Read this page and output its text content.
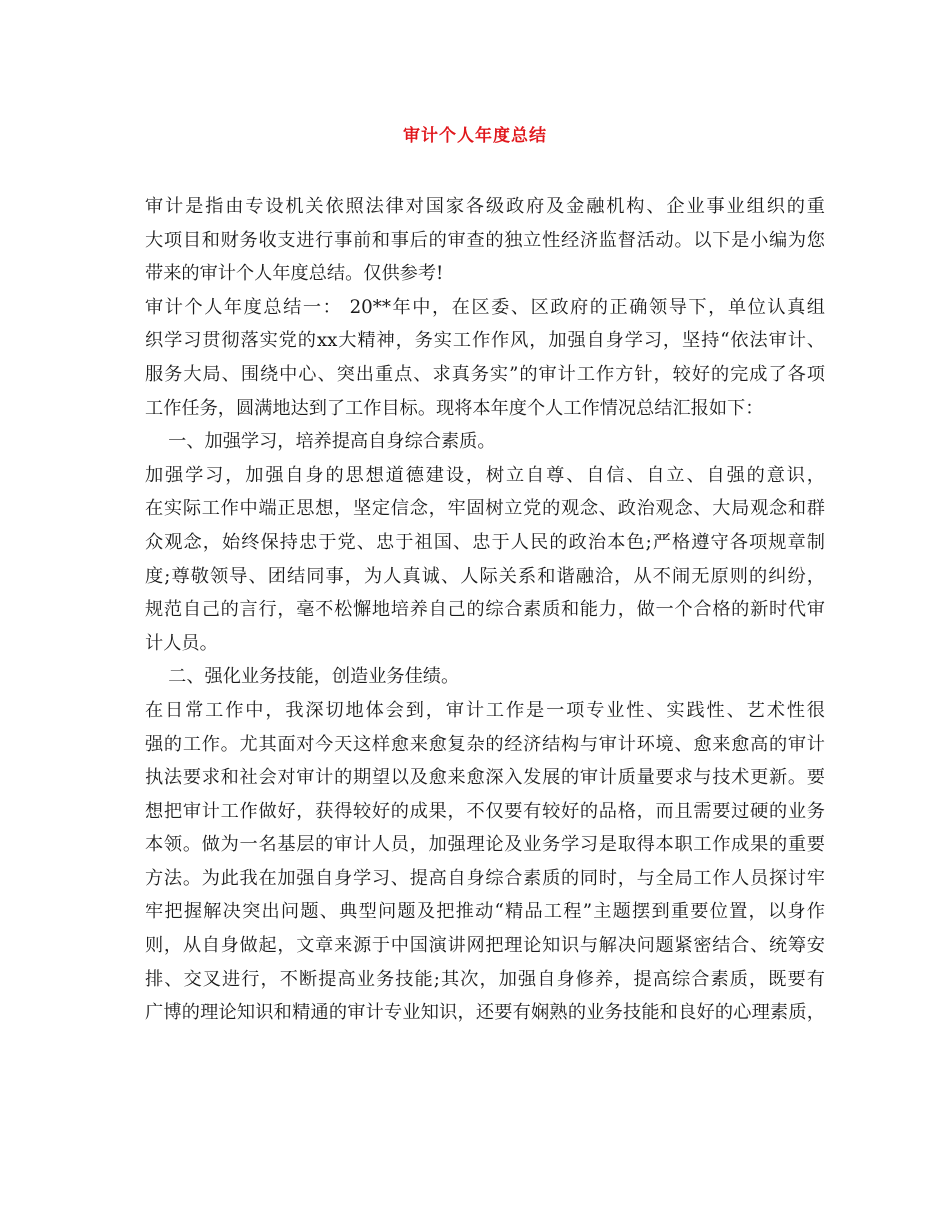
审计个人年度总结
审计是指由专设机关依照法律对国家各级政府及金融机构、企业事业组织的重
大项目和财务收支进行事前和事后的审查的独立性经济监督活动。以下是小编为您
带来的审计个人年度总结。仅供参考!
审计个人年度总结一： 20**年中，在区委、区政府的正确领导下，单位认真组
织学习贯彻落实党的xx大精神，务实工作作风，加强自身学习，坚持“依法审计、
服务大局、围绕中心、突出重点、求真务实”的审计工作方针，较好的完成了各项
工作任务，圆满地达到了工作目标。现将本年度个人工作情况总结汇报如下：
一、加强学习，培养提高自身综合素质。
加强学习，加强自身的思想道德建设，树立自尊、自信、自立、自强的意识，
在实际工作中端正思想，坚定信念，牢固树立党的观念、政治观念、大局观念和群
众观念，始终保持忠于党、忠于祖国、忠于人民的政治本色;严格遵守各项规章制
度;尊敬领导、团结同事，为人真诚、人际关系和谐融洽，从不闹无原则的纠纷，
规范自己的言行，毫不松懈地培养自己的综合素质和能力，做一个合格的新时代审
计人员。
二、强化业务技能，创造业务佳绩。
在日常工作中，我深切地体会到，审计工作是一项专业性、实践性、艺术性很
强的工作。尤其面对今天这样愈来愈复杂的经济结构与审计环境、愈来愈高的审计
执法要求和社会对审计的期望以及愈来愈深入发展的审计质量要求与技术更新。要
想把审计工作做好，获得较好的成果，不仅要有较好的品格，而且需要过硬的业务
本领。做为一名基层的审计人员，加强理论及业务学习是取得本职工作成果的重要
方法。为此我在加强自身学习、提高自身综合素质的同时，与全局工作人员探讨牢
牢把握解决突出问题、典型问题及把推动“精品工程”主题摆到重要位置，以身作
则，从自身做起，文章来源于中国演讲网把理论知识与解决问题紧密结合、统筹安
排、交叉进行，不断提高业务技能;其次，加强自身修养，提高综合素质，既要有
广博的理论知识和精通的审计专业知识，还要有娴熟的业务技能和良好的心理素质，
